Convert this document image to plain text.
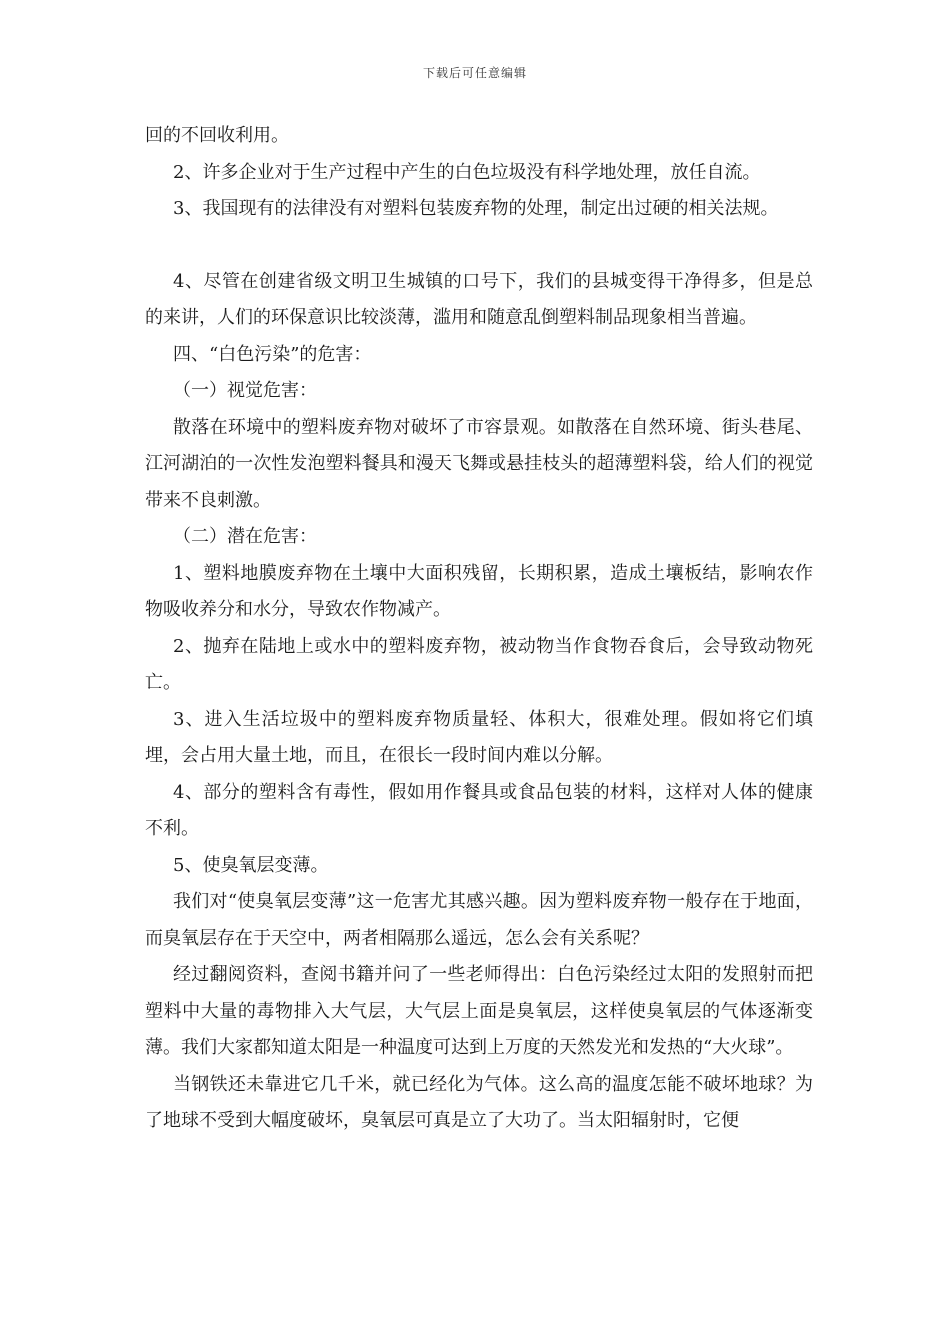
下载后可任意编辑

回的不回收利用。

2、许多企业对于生产过程中产生的白色垃圾没有科学地处理，放任自流。

3、我国现有的法律没有对塑料包装废弃物的处理，制定出过硬的相关法规。

4、尽管在创建省级文明卫生城镇的口号下，我们的县城变得干净得多，但是总的来讲，人们的环保意识比较淡薄，滥用和随意乱倒塑料制品现象相当普遍。

四、“白色污染”的危害：

（一）视觉危害：

散落在环境中的塑料废弃物对破坏了市容景观。如散落在自然环境、街头巷尾、江河湖泊的一次性发泡塑料餐具和漫天飞舞或悬挂枝头的超薄塑料袋，给人们的视觉带来不良刺激。

（二）潜在危害：

1、塑料地膜废弃物在土壤中大面积残留，长期积累，造成土壤板结，影响农作物吸收养分和水分，导致农作物减产。

2、抛弃在陆地上或水中的塑料废弃物，被动物当作食物吞食后，会导致动物死亡。

3、进入生活垃圾中的塑料废弃物质量轻、体积大，很难处理。假如将它们填埋，会占用大量土地，而且，在很长一段时间内难以分解。

4、部分的塑料含有毒性，假如用作餐具或食品包装的材料，这样对人体的健康不利。

5、使臭氧层变薄。

我们对“使臭氧层变薄”这一危害尤其感兴趣。因为塑料废弃物一般存在于地面，而臭氧层存在于天空中，两者相隔那么遥远，怎么会有关系呢？

经过翻阅资料，查阅书籍并问了一些老师得出：白色污染经过太阳的发照射而把塑料中大量的毒物排入大气层，大气层上面是臭氧层，这样使臭氧层的气体逐渐变薄。我们大家都知道太阳是一种温度可达到上万度的天然发光和发热的“大火球”。

当钢铁还未靠进它几千米，就已经化为气体。这么高的温度怎能不破坏地球？为了地球不受到大幅度破坏，臭氧层可真是立了大功了。当太阳辐射时，它便
